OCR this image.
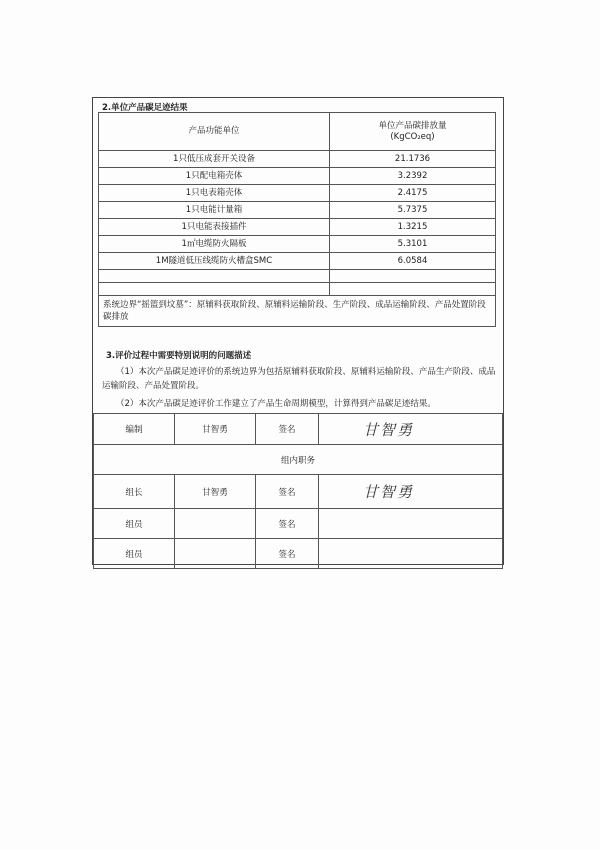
2.单位产品碳足迹结果
产品功能单位	单位产品碳排放量
(KgCO₂eq)

1只低压成套开关设备	21.1736
1只配电箱壳体	3.2392
1只电表箱壳体	2.4175
1只电能计量箱	5.7375
1只电能表接插件	1.3215
1㎡电缆防火隔板	5.3101
1M隧道低压线缆防火槽盒SMC	6.0584

系统边界“摇篮到坟墓”：原辅料获取阶段、原辅料运输阶段、生产阶段、成品运输阶段、产品处置阶段碳排放	
3.评价过程中需要特别说明的问题描述
（1）本次产品碳足迹评价的系统边界为包括原辅料获取阶段、原辅料运输阶段、产品生产阶段、成品运输阶段、产品处置阶段。
（2）本次产品碳足迹评价工作建立了产品生命周期模型，计算得到产品碳足迹结果。
编制	甘智勇	签名	甘智勇
组内职务			
组长	甘智勇	签名	甘智勇
组员		签名	
组员		签名	
